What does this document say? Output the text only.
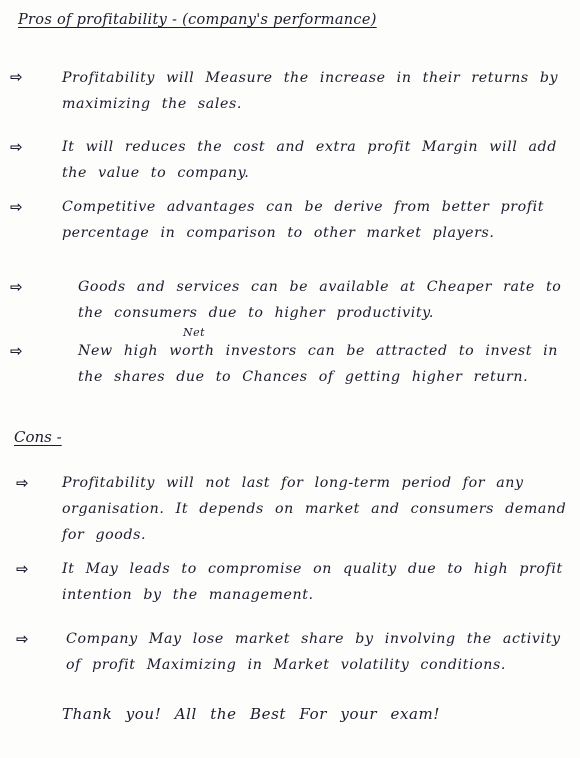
Pros of profitability - (company's performance)
⇨	Profitability will Measure the increase in their returns by maximizing the sales.
⇨	It will reduces the cost and extra profit Margin will add the value to company.
⇨	Competitive advantages can be derive from better profit percentage in comparison to other market players.
⇨	Goods and services can be available at Cheaper rate to the consumers due to higher productivity.
Net
⇨	New high worth investors can be attracted to invest in the shares due to Chances of getting higher return.
Cons -
⇨ Profitability will not last for long-term period for any organisation. It depends on market and consumers demand for goods.
⇨ It May leads to compromise on quality due to high profit intention by the management.
⇨	Company May lose market share by involving the activity of profit Maximizing in Market volatility conditions.
Thank you! All the Best For your exam!
